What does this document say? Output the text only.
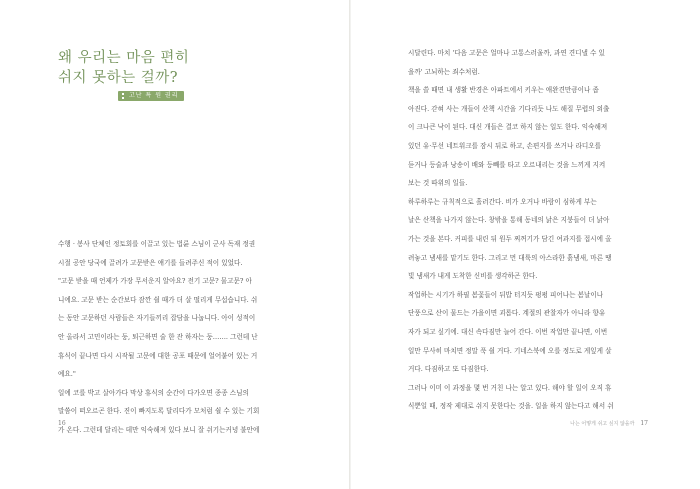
왜 우리는 마음 편히
쉬지 못하는 걸까?
고난 특 원 권리

수행 · 봉사 단체인 정토회를 이끌고 있는 법륜 스님이 군사 독재 정권
시절 공안 당국에 끌려가 고문받은 얘기를 들려주신 적이 있었다.
"고문 받을 때 언제가 가장 무서운지 알아요? 전기 고문? 물고문? 아
니에요. 고문 받는 순간보다 잠깐 쉴 때가 더 살 떨리게 무섭습니다. 쉬
는 동안 고문하던 사람들은 자기들끼리 잡담을 나눕니다. 아이 성적이
안 올라서 고민이라는 둥, 퇴근하면 술 한 잔 하자는 둥……. 그런데 난
휴식이 끝나면 다시 시작될 고문에 대한 공포 때문에 얼어붙어 있는 거
예요."

일에 코를 박고 살아가다 막상 휴식의 순간이 다가오면 종종 스님의
말씀이 떠오르곤 한다. 진이 빠지도록 달리다가 모처럼 쉴 수 있는 기회
가 온다. 그런데 달리는 데만 익숙해져 있다 보니 잘 쉬기는커녕 불안에

16

시달린다. 마치 '다음 고문은 얼마나 고통스러울까, 과연 견디낼 수 있
을까' 고뇌하는 죄수처럼.

책을 쓸 때면 내 생활 반경은 아파트에서 키우는 애완견만큼이나 좁
아진다. 갇혀 사는 개들이 산책 시간을 기다리듯 나도 해질 무렵의 외출
이 크나큰 낙이 된다. 대신 개들은 결코 하지 않는 일도 한다. 익숙해져
있던 유·무선 네트워크를 잠시 뒤로 하고, 손편지를 쓰거나 라디오를
듣거나 등술과 낭송이 배와 등빼를 타고 오르내리는 것을 느끼게 지켜
보는 것 따위의 일들.

하루하루는 규칙적으로 흘러간다. 비가 오거나 바람이 심하게 부는
날은 산책을 나가지 않는다. 창밖을 통해 동네의 낡은 지붕들이 더 낡아
가는 것을 본다. 커피를 내린 뒤 원두 찌꺼기가 담긴 여과지를 접시에 올
려놓고 냄새를 맡기도 한다. 그리고 먼 대륙의 아스라한 흙냄새, 마른 땡
빛 냄새가 내게 도착한 신비를 생각하곤 한다.

작업하는 시기가 하필 봄꽃들이 뒤밥 터지듯 펑펑 피어나는 봄날이나
단풍으로 산이 물드는 가을이면 괴롭다. 계절의 관찰자가 아니라 향유
자가 되고 싶기에. 대신 속다짐만 늘어 간다. 이번 작업만 끝나면, 이번
일만 무사히 마치면 정말 푹 쉴 거다. 기네스북에 오를 정도로 게잎게 살
거다. 다짐하고 또 다짐한다.

그러나 이미 이 과정을 몇 번 거친 나는 알고 있다. 해야 할 일이 오직 휴
식뿐일 때, 정작 제대로 쉬지 못한다는 것을. 일을 하지 않는다고 해서 쉬

나는 어떻게 쉬고 싶지 않을까 17
